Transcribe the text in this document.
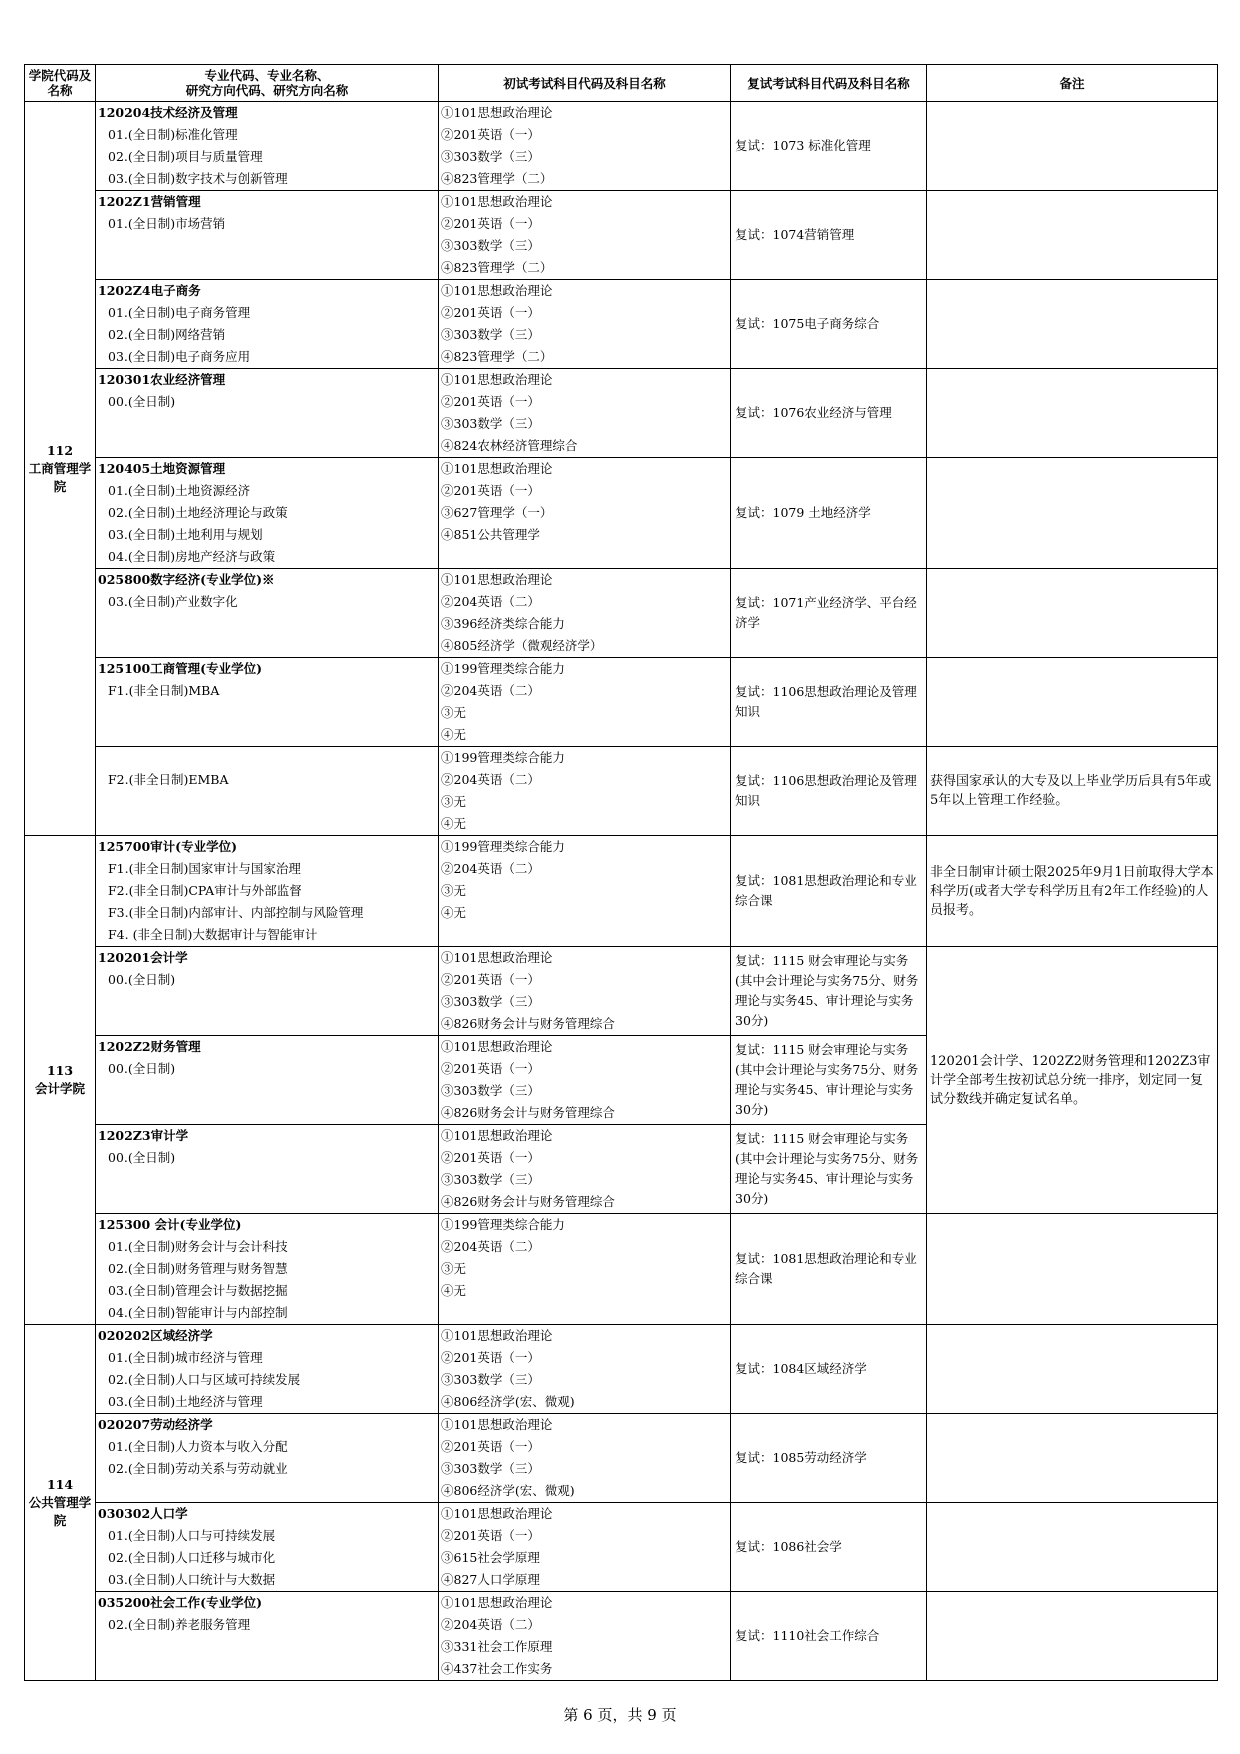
学院代码及名称	专业代码、专业名称、
研究方向代码、研究方向名称	初试考试科目代码及科目名称	复试考试科目代码及科目名称	备注
112
工商管理学院	120204技术经济及管理
01.(全日制)标准化管理
02.(全日制)项目与质量管理
03.(全日制)数字技术与创新管理	①101思想政治理论
②201英语（一）
③303数学（三）
④823管理学（二）	复试：1073 标准化管理	

	1202Z1营销管理
01.(全日制)市场营销	①101思想政治理论
②201英语（一）
③303数学（三）
④823管理学（二）	复试：1074营销管理	

	1202Z4电子商务
01.(全日制)电子商务管理
02.(全日制)网络营销
03.(全日制)电子商务应用	①101思想政治理论
②201英语（一）
③303数学（三）
④823管理学（二）	复试：1075电子商务综合	

	120301农业经济管理
00.(全日制)	①101思想政治理论
②201英语（一）
③303数学（三）
④824农林经济管理综合	复试：1076农业经济与管理	

	120405土地资源管理
01.(全日制)土地资源经济
02.(全日制)土地经济理论与政策
03.(全日制)土地利用与规划
04.(全日制)房地产经济与政策	①101思想政治理论
②201英语（一）
③627管理学（一）
④851公共管理学	复试：1079 土地经济学	

	025800数字经济(专业学位)※
03.(全日制)产业数字化	①101思想政治理论
②204英语（二）
③396经济类综合能力
④805经济学（微观经济学）	复试：1071产业经济学、平台经济学	

	125100工商管理(专业学位)
F1.(非全日制)MBA	①199管理类综合能力
②204英语（二）
③无
④无	复试：1106思想政治理论及管理知识	

	F2.(非全日制)EMBA	①199管理类综合能力
②204英语（二）
③无
④无	复试：1106思想政治理论及管理知识	获得国家承认的大专及以上毕业学历后具有5年或5年以上管理工作经验。
113
会计学院	125700审计(专业学位)
F1.(非全日制)国家审计与国家治理
F2.(非全日制)CPA审计与外部监督
F3.(非全日制)内部审计、内部控制与风险管理
F4. (非全日制)大数据审计与智能审计	①199管理类综合能力
②204英语（二）
③无
④无	复试：1081思想政治理论和专业综合课	非全日制审计硕士限2025年9月1日前取得大学本科学历(或者大学专科学历且有2年工作经验)的人员报考。

	120201会计学
00.(全日制)	①101思想政治理论
②201英语（一）
③303数学（三）
④826财务会计与财务管理综合	复试：1115 财会审理论与实务(其中会计理论与实务75分、财务理论与实务45、审计理论与实务30分)	120201会计学、1202Z2财务管理和1202Z3审计学全部考生按初试总分统一排序，划定同一复试分数线并确定复试名单。

	1202Z2财务管理
00.(全日制)	①101思想政治理论
②201英语（一）
③303数学（三）
④826财务会计与财务管理综合	复试：1115 财会审理论与实务(其中会计理论与实务75分、财务理论与实务45、审计理论与实务30分)	

	1202Z3审计学
00.(全日制)	①101思想政治理论
②201英语（一）
③303数学（三）
④826财务会计与财务管理综合	复试：1115 财会审理论与实务(其中会计理论与实务75分、财务理论与实务45、审计理论与实务30分)	

	125300 会计(专业学位)
01.(全日制)财务会计与会计科技
02.(全日制)财务管理与财务智慧
03.(全日制)管理会计与数据挖掘
04.(全日制)智能审计与内部控制	①199管理类综合能力
②204英语（二）
③无
④无	复试：1081思想政治理论和专业综合课	
114
公共管理学院	020202区域经济学
01.(全日制)城市经济与管理
02.(全日制)人口与区域可持续发展
03.(全日制)土地经济与管理	①101思想政治理论
②201英语（一）
③303数学（三）
④806经济学(宏、微观)	复试：1084区域经济学	

	020207劳动经济学
01.(全日制)人力资本与收入分配
02.(全日制)劳动关系与劳动就业	①101思想政治理论
②201英语（一）
③303数学（三）
④806经济学(宏、微观)	复试：1085劳动经济学	

	030302人口学
01.(全日制)人口与可持续发展
02.(全日制)人口迁移与城市化
03.(全日制)人口统计与大数据	①101思想政治理论
②201英语（一）
③615社会学原理
④827人口学原理	复试：1086社会学	

	035200社会工作(专业学位)
02.(全日制)养老服务管理	①101思想政治理论
②204英语（二）
③331社会工作原理
④437社会工作实务	复试：1110社会工作综合	
第 6 页，共 9 页
